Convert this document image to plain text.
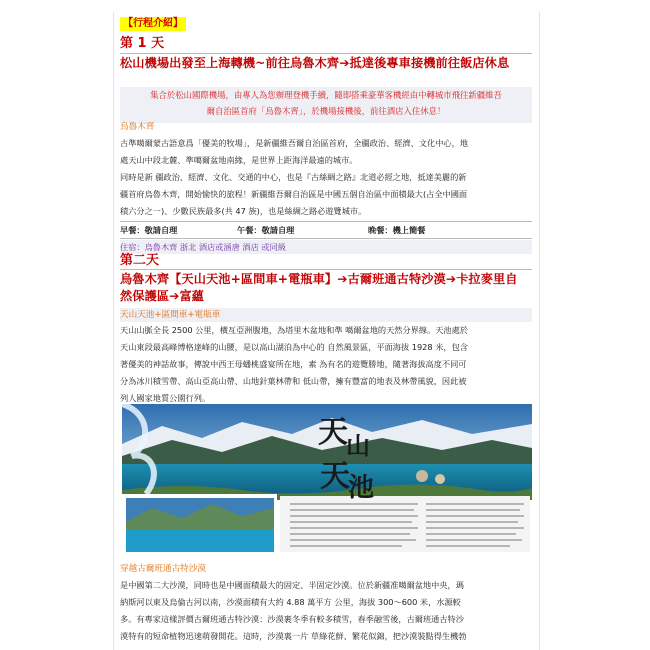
【行程介紹】
第 1 天
松山機場出發至上海轉機~前往烏魯木齊➔抵達後專車接機前往飯店休息
集合於松山國際機場，由專人為您辦理登機手續，隨即搭乘豪華客機經由中轉城市飛往新疆維吾
爾自治區首府「烏魯木齊」，於機場接機後，前往酒店入住休息！
烏魯木齊
古準噶爾蒙古語意爲「優美的牧場」，是新疆維吾爾自治區首府，全疆政治、經濟、文化中心，地
處天山中段北麓、準噶爾盆地南緣，是世界上距海洋最遠的城市。
同時是新 疆政治、經濟、文化、交通的中心，也是『古絲綢之路』北道必經之地，抵達美麗的新
疆首府烏魯木齊，開始愉快的旅程！新疆維吾爾自治區是中國五個自治區中面積最大(占全中國面
積六分之一)、少數民族最多(共 47 族)，也是絲綢之路必遊覽城市。
早餐：敬請自理	午餐：敬請自理	晚餐：機上簡餐
住宿：烏魯木齊 浙北 酒店或涵唐 酒店 或同級
第二天
烏魯木齊【天山天池+區間車+電瓶車】➔古爾班通古特沙漠➔卡拉麥里自
然保護區➔富蘊
天山天池+區間車+電瓶車
天山山脈全長 2500 公里，橫亙亞洲腹地，為塔里木盆地和準 噶爾盆地的天然分界線。天池處於
天山東段最高峰博格達峰的山腰，是以高山湖泊為中心的 自然風景區，平面海拔 1928 米，包含
著優美的神話故事，傳說中西王母蟠桃盛宴所在地，素 為有名的遊覽勝地，隨著海拔高度不同可
分為冰川積雪帶、高山亞高山帶、山地針葉林帶和 低山帶，擁有豐富的地表及林帶風貌，因此被
列人國家地質公園行列。
天
山
天
池
穿越古爾班通古特沙漠
是中國第二大沙漠，同時也是中國面積最大的固定、半固定沙漠。位於新疆准噶爾盆地中央，瑪
納斯河以東及烏倫古河以南，沙漠面積有大約 4.88 萬平方 公里，海拔 300～600 米，水源較
多。有專家這樣評價古爾班通古特沙漠：沙漠裹冬季有較多積雪，春季融雪後，古爾班通古特沙
漠特有的短命植物迅速萌發開花。這時，沙漠裏一片 草綠花鮮、繁花似錦，把沙漠裝點得生機勃
